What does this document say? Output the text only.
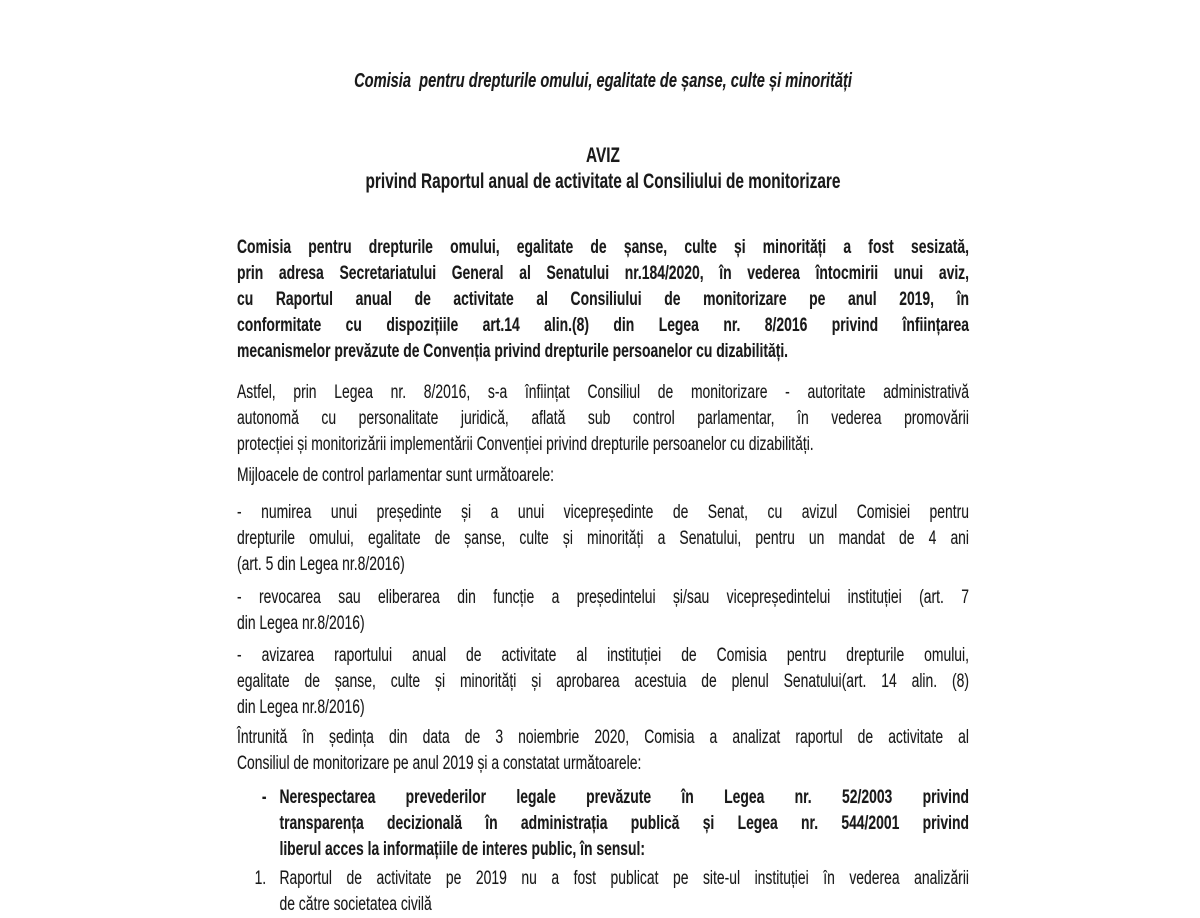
Comisia  pentru drepturile omului, egalitate de șanse, culte și minorități
AVIZ
privind Raportul anual de activitate al Consiliului de monitorizare

Comisia pentru drepturile omului, egalitate de șanse, culte și minorități a fost sesizată,
prin adresa Secretariatului General al Senatului nr.184/2020, în vederea întocmirii unui aviz,
cu Raportul anual de activitate al Consiliului de monitorizare pe anul 2019, în
conformitate cu dispozițiile art.14 alin.(8) din Legea nr. 8/2016 privind înființarea
mecanismelor prevăzute de Convenția privind drepturile persoanelor cu dizabilități.

Astfel, prin Legea nr. 8/2016, s-a înființat Consiliul de monitorizare - autoritate administrativă
autonomă cu personalitate juridică, aflată sub control parlamentar, în vederea promovării
protecției și monitorizării implementării Convenției privind drepturile persoanelor cu dizabilități.

Mijloacele de control parlamentar sunt următoarele:

- numirea unui președinte și a unui vicepreședinte de Senat, cu avizul Comisiei pentru
drepturile omului, egalitate de șanse, culte și minorități a Senatului, pentru un mandat de 4 ani
(art. 5 din Legea nr.8/2016)

- revocarea sau eliberarea din funcție a președintelui și/sau vicepreședintelui instituției (art. 7
din Legea nr.8/2016)

- avizarea raportului anual de activitate al instituției de Comisia pentru drepturile omului,
egalitate de șanse, culte și minorități și aprobarea acestuia de plenul Senatului(art. 14 alin. (8)
din Legea nr.8/2016)

Întrunită în ședința din data de 3 noiembrie 2020, Comisia a analizat raportul de activitate al
Consiliul de monitorizare pe anul 2019 și a constatat următoarele:

- Nerespectarea prevederilor legale prevăzute în Legea nr. 52/2003 privind
transparența decizională în administrația publică și Legea nr. 544/2001 privind
liberul acces la informațiile de interes public, în sensul:

1. Raportul de activitate pe 2019 nu a fost publicat pe site-ul instituției în vederea analizării
de către societatea civilă
